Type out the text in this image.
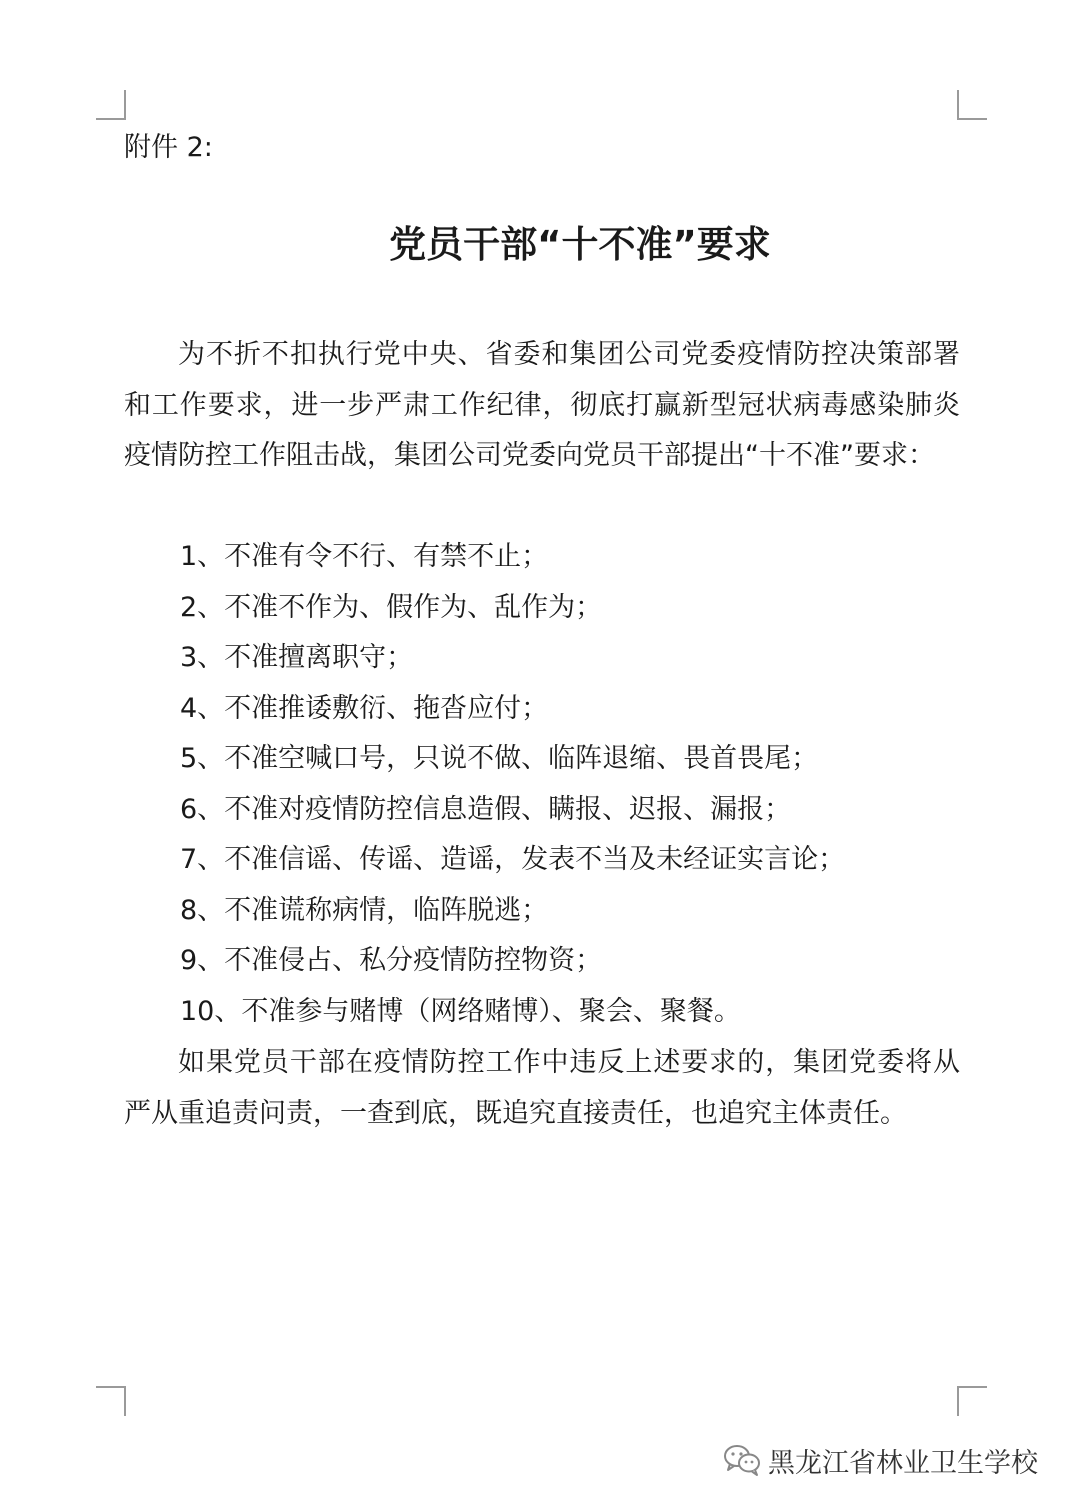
附件 2:
党员干部“十不准”要求
为不折不扣执行党中央、省委和集团公司党委疫情防控决策部署和工作要求，进一步严肃工作纪律，彻底打赢新型冠状病毒感染肺炎疫情防控工作阻击战，集团公司党委向党员干部提出“十不准”要求：
1、不准有令不行、有禁不止；
2、不准不作为、假作为、乱作为；
3、不准擅离职守；
4、不准推诿敷衍、拖沓应付；
5、不准空喊口号，只说不做、临阵退缩、畏首畏尾；
6、不准对疫情防控信息造假、瞒报、迟报、漏报；
7、不准信谣、传谣、造谣，发表不当及未经证实言论；
8、不准谎称病情，临阵脱逃；
9、不准侵占、私分疫情防控物资；
10、不准参与赌博（网络赌博）、聚会、聚餐。
如果党员干部在疫情防控工作中违反上述要求的，集团党委将从严从重追责问责，一查到底，既追究直接责任，也追究主体责任。
黑龙江省林业卫生学校
